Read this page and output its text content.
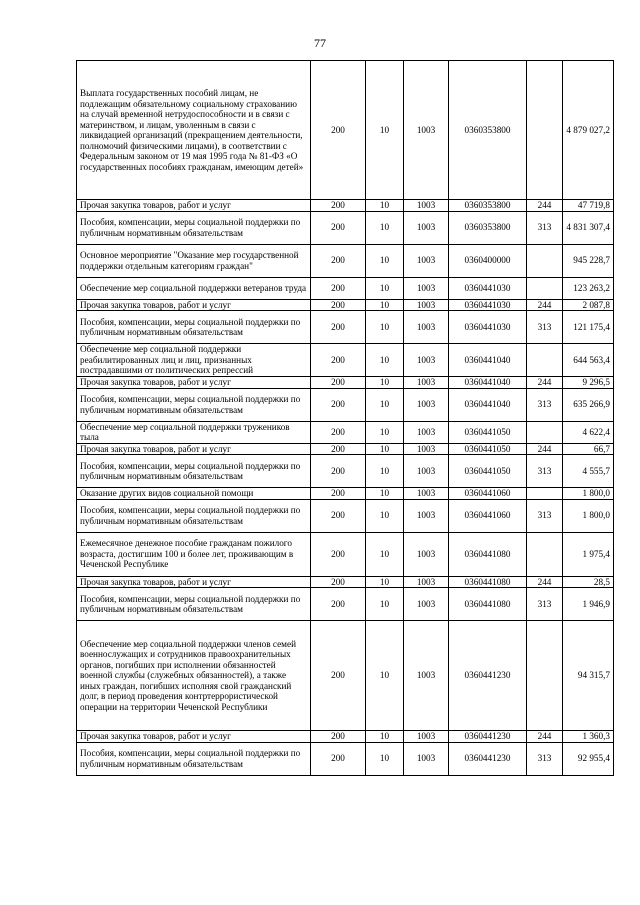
77
Выплата государственных пособий лицам, не подлежащим обязательному социальному страхованию на случай временной нетрудоспособности и в связи с материнством, и лицам, уволенным в связи с ликвидацией организаций (прекращением деятельности, полномочий физическими лицами), в соответствии с Федеральным законом от 19 мая 1995 года № 81-ФЗ «О государственных пособиях гражданам, имеющим детей»	200	10	1003	0360353800		4 879 027,2
Прочая закупка товаров, работ и услуг	200	10	1003	0360353800	244	47 719,8
Пособия, компенсации, меры социальной поддержки по публичным нормативным обязательствам	200	10	1003	0360353800	313	4 831 307,4
Основное мероприятие "Оказание мер государственной поддержки отдельным категориям граждан"	200	10	1003	0360400000		945 228,7
Обеспечение мер социальной поддержки ветеранов труда	200	10	1003	0360441030		123 263,2
Прочая закупка товаров, работ и услуг	200	10	1003	0360441030	244	2 087,8
Пособия, компенсации, меры социальной поддержки по публичным нормативным обязательствам	200	10	1003	0360441030	313	121 175,4
Обеспечение мер социальной поддержки реабилитированных лиц и лиц, признанных пострадавшими от политических репрессий	200	10	1003	0360441040		644 563,4
Прочая закупка товаров, работ и услуг	200	10	1003	0360441040	244	9 296,5
Пособия, компенсации, меры социальной поддержки по публичным нормативным обязательствам	200	10	1003	0360441040	313	635 266,9
Обеспечение мер социальной поддержки тружеников тыла	200	10	1003	0360441050		4 622,4
Прочая закупка товаров, работ и услуг	200	10	1003	0360441050	244	66,7
Пособия, компенсации, меры социальной поддержки по публичным нормативным обязательствам	200	10	1003	0360441050	313	4 555,7
Оказание других видов социальной помощи	200	10	1003	0360441060		1 800,0
Пособия, компенсации, меры социальной поддержки по публичным нормативным обязательствам	200	10	1003	0360441060	313	1 800,0
Ежемесячное денежное пособие гражданам пожилого возраста, достигшим 100 и более лет, проживающим в Чеченской Республике	200	10	1003	0360441080		1 975,4
Прочая закупка товаров, работ и услуг	200	10	1003	0360441080	244	28,5
Пособия, компенсации, меры социальной поддержки по публичным нормативным обязательствам	200	10	1003	0360441080	313	1 946,9
Обеспечение мер социальной поддержки членов семей военнослужащих и сотрудников правоохранительных органов, погибших при исполнении обязанностей военной службы (служебных обязанностей), а также иных граждан, погибших исполняя свой гражданский долг, в период проведения контртеррористической операции на территории Чеченской Республики	200	10	1003	0360441230		94 315,7
Прочая закупка товаров, работ и услуг	200	10	1003	0360441230	244	1 360,3
Пособия, компенсации, меры социальной поддержки по публичным нормативным обязательствам	200	10	1003	0360441230	313	92 955,4
